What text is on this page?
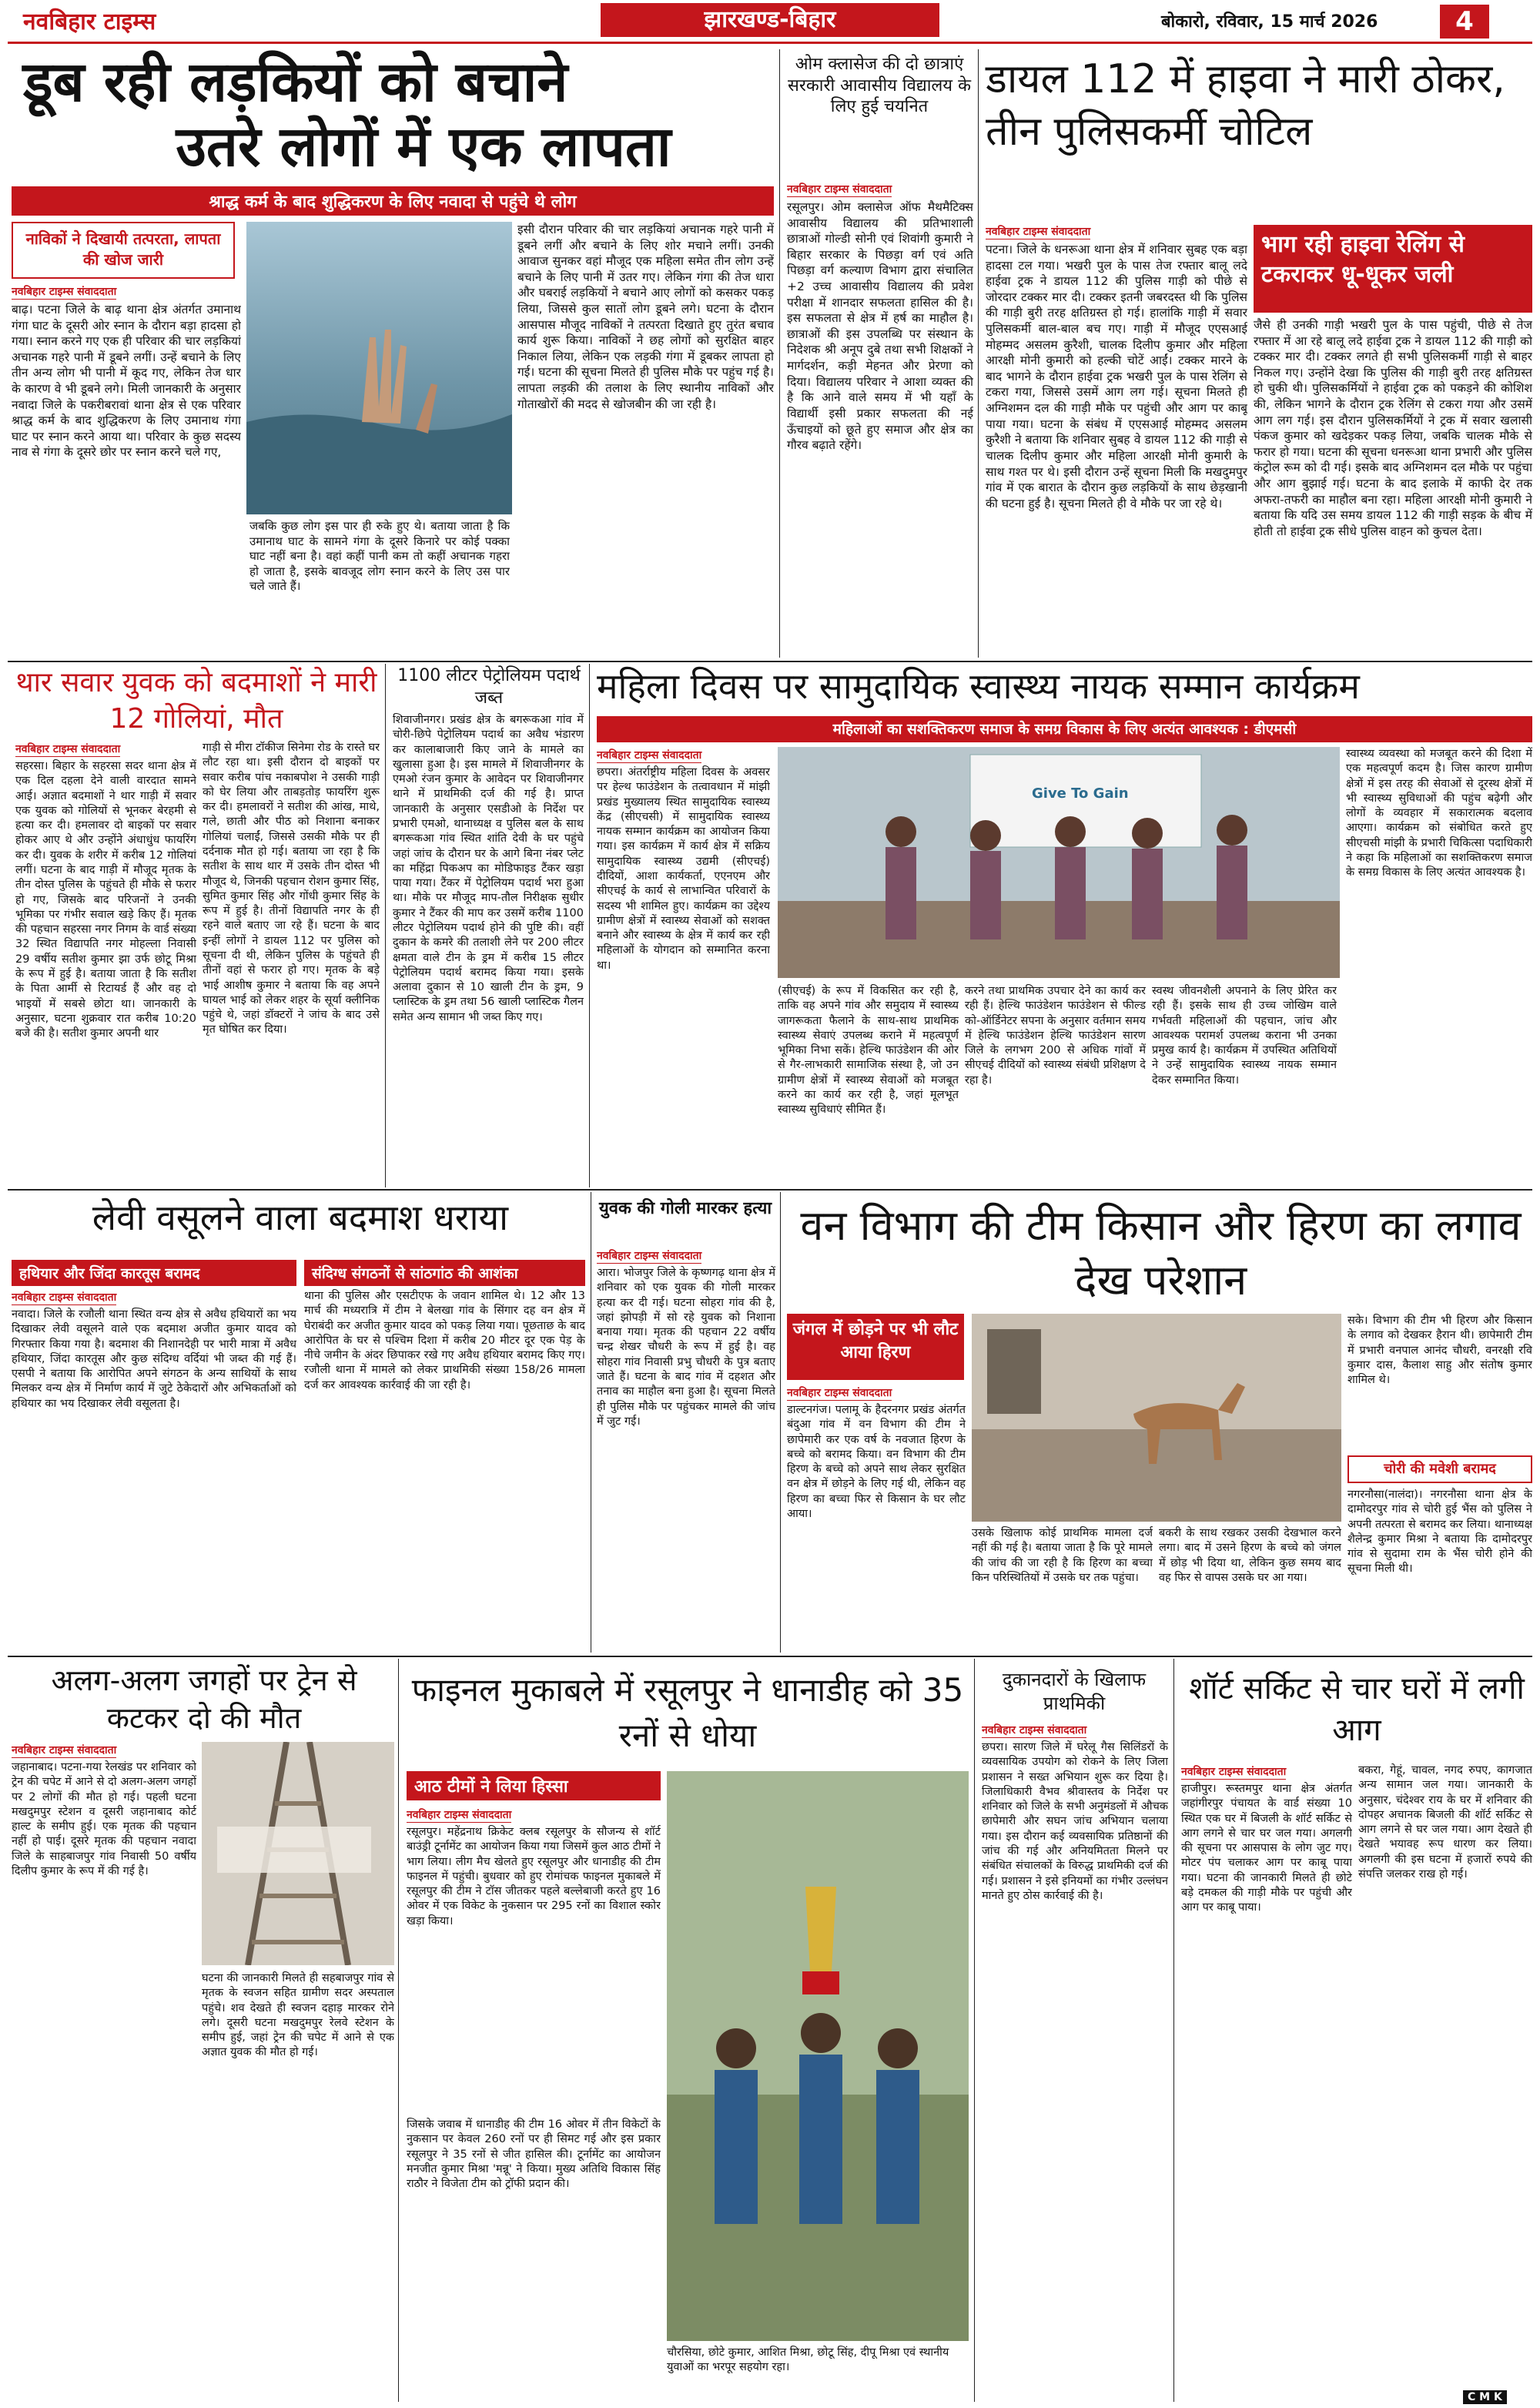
नवबिहार टाइम्स	झारखण्ड-बिहार	बोकारो, रविवार, 15 मार्च 2026	4
डूब रही लड़कियों को बचाने
उतरे लोगों में एक लापता
श्राद्ध कर्म के बाद शुद्धिकरण के लिए नवादा से पहुंचे थे लोग
नाविकों ने दिखायी तत्परता, लापता की खोज जारी
नवबिहार टाइम्स संवाददाता
बाढ़। पटना जिले के बाढ़ थाना क्षेत्र अंतर्गत उमानाथ गंगा घाट के दूसरी ओर स्नान के दौरान बड़ा हादसा हो गया। स्नान करने गए एक ही परिवार की चार लड़कियां अचानक गहरे पानी में डूबने लगीं। उन्हें बचाने के लिए तीन अन्य लोग भी पानी में कूद गए, लेकिन तेज धार के कारण वे भी डूबने लगे। मिली जानकारी के अनुसार नवादा जिले के पकरीबरावां थाना क्षेत्र से एक परिवार श्राद्ध कर्म के बाद शुद्धिकरण के लिए उमानाथ गंगा घाट पर स्नान करने आया था। परिवार के कुछ सदस्य नाव से गंगा के दूसरे छोर पर स्नान करने चले गए,
जबकि कुछ लोग इस पार ही रुके हुए थे। बताया जाता है कि उमानाथ घाट के सामने गंगा के दूसरे किनारे पर कोई पक्का घाट नहीं बना है। वहां कहीं पानी कम तो कहीं अचानक गहरा हो जाता है, इसके बावजूद लोग स्नान करने के लिए उस पार चले जाते हैं।
इसी दौरान परिवार की चार लड़कियां अचानक गहरे पानी में डूबने लगीं और बचाने के लिए शोर मचाने लगीं। उनकी आवाज सुनकर वहां मौजूद एक महिला समेत तीन लोग उन्हें बचाने के लिए पानी में उतर गए। लेकिन गंगा की तेज धारा और घबराई लड़कियों ने बचाने आए लोगों को कसकर पकड़ लिया, जिससे कुल सातों लोग डूबने लगे। घटना के दौरान आसपास मौजूद नाविकों ने तत्परता दिखाते हुए तुरंत बचाव कार्य शुरू किया। नाविकों ने छह लोगों को सुरक्षित बाहर निकाल लिया, लेकिन एक लड़की गंगा में डूबकर लापता हो गई। घटना की सूचना मिलते ही पुलिस मौके पर पहुंच गई है। लापता लड़की की तलाश के लिए स्थानीय नाविकों और गोताखोरों की मदद से खोजबीन की जा रही है।
ओम क्लासेज की दो छात्राएं सरकारी आवासीय विद्यालय के लिए हुई चयनित
नवबिहार टाइम्स संवाददाता
रसूलपुर। ओम क्लासेज ऑफ मैथमैटिक्स आवासीय विद्यालय की प्रतिभाशाली छात्राओं गोल्डी सोनी एवं शिवांगी कुमारी ने बिहार सरकार के पिछड़ा वर्ग एवं अति पिछड़ा वर्ग कल्याण विभाग द्वारा संचालित +2 उच्च आवासीय विद्यालय की प्रवेश परीक्षा में शानदार सफलता हासिल की है। इस सफलता से क्षेत्र में हर्ष का माहौल है। छात्राओं की इस उपलब्धि पर संस्थान के निदेशक श्री अनूप दुबे तथा सभी शिक्षकों ने मार्गदर्शन, कड़ी मेहनत और प्रेरणा को दिया। विद्यालय परिवार ने आशा व्यक्त की है कि आने वाले समय में भी यहाँ के विद्यार्थी इसी प्रकार सफलता की नई ऊँचाइयों को छूते हुए समाज और क्षेत्र का गौरव बढ़ाते रहेंगे।
डायल 112 में हाइवा ने मारी ठोकर, तीन पुलिसकर्मी चोटिल
नवबिहार टाइम्स संवाददाता
पटना। जिले के धनरूआ थाना क्षेत्र में शनिवार सुबह एक बड़ा हादसा टल गया। भखरी पुल के पास तेज रफ्तार बालू लदे हाईवा ट्रक ने डायल 112 की पुलिस गाड़ी को पीछे से जोरदार टक्कर मार दी। टक्कर इतनी जबरदस्त थी कि पुलिस की गाड़ी बुरी तरह क्षतिग्रस्त हो गई। हालांकि गाड़ी में सवार पुलिसकर्मी बाल-बाल बच गए। गाड़ी में मौजूद एएसआई मोहम्मद असलम कुरैशी, चालक दिलीप कुमार और महिला आरक्षी मोनी कुमारी को हल्की चोटें आईं। टक्कर मारने के बाद भागने के दौरान हाईवा ट्रक भखरी पुल के पास रेलिंग से टकरा गया, जिससे उसमें आग लग गई। सूचना मिलते ही अग्निशमन दल की गाड़ी मौके पर पहुंची और आग पर काबू पाया गया। घटना के संबंध में एएसआई मोहम्मद असलम कुरैशी ने बताया कि शनिवार सुबह वे डायल 112 की गाड़ी से चालक दिलीप कुमार और महिला आरक्षी मोनी कुमारी के साथ गश्त पर थे। इसी दौरान उन्हें सूचना मिली कि मखदुमपुर गांव में एक बारात के दौरान कुछ लड़कियों के साथ छेड़खानी की घटना हुई है। सूचना मिलते ही वे मौके पर जा रहे थे।
भाग रही हाइवा रेलिंग से टकराकर धू-धूकर जली
जैसे ही उनकी गाड़ी भखरी पुल के पास पहुंची, पीछे से तेज रफ्तार में आ रहे बालू लदे हाईवा ट्रक ने डायल 112 की गाड़ी को टक्कर मार दी। टक्कर लगते ही सभी पुलिसकर्मी गाड़ी से बाहर निकल गए। उन्होंने देखा कि पुलिस की गाड़ी बुरी तरह क्षतिग्रस्त हो चुकी थी। पुलिसकर्मियों ने हाईवा ट्रक को पकड़ने की कोशिश की, लेकिन भागने के दौरान ट्रक रेलिंग से टकरा गया और उसमें आग लग गई। इस दौरान पुलिसकर्मियों ने ट्रक में सवार खलासी पंकज कुमार को खदेड़कर पकड़ लिया, जबकि चालक मौके से फरार हो गया। घटना की सूचना धनरूआ थाना प्रभारी और पुलिस कंट्रोल रूम को दी गई। इसके बाद अग्निशमन दल मौके पर पहुंचा और आग बुझाई गई। घटना के बाद इलाके में काफी देर तक अफरा-तफरी का माहौल बना रहा। महिला आरक्षी मोनी कुमारी ने बताया कि यदि उस समय डायल 112 की गाड़ी सड़क के बीच में होती तो हाईवा ट्रक सीधे पुलिस वाहन को कुचल देता।
थार सवार युवक को बदमाशों ने मारी 12 गोलियां, मौत
नवबिहार टाइम्स संवाददाता
सहरसा। बिहार के सहरसा सदर थाना क्षेत्र में एक दिल दहला देने वाली वारदात सामने आई। अज्ञात बदमाशों ने थार गाड़ी में सवार एक युवक को गोलियों से भूनकर बेरहमी से हत्या कर दी। हमलावर दो बाइकों पर सवार होकर आए थे और उन्होंने अंधाधुंध फायरिंग कर दी। युवक के शरीर में करीब 12 गोलियां लगीं। घटना के बाद गाड़ी में मौजूद मृतक के तीन दोस्त पुलिस के पहुंचते ही मौके से फरार हो गए, जिसके बाद परिजनों ने उनकी भूमिका पर गंभीर सवाल खड़े किए हैं। मृतक की पहचान सहरसा नगर निगम के वार्ड संख्या 32 स्थित विद्यापति नगर मोहल्ला निवासी 29 वर्षीय सतीश कुमार झा उर्फ छोटू मिश्रा के रूप में हुई है। बताया जाता है कि सतीश के पिता आर्मी से रिटायर्ड हैं और वह दो भाइयों में सबसे छोटा था। जानकारी के अनुसार, घटना शुक्रवार रात करीब 10:20 बजे की है। सतीश कुमार अपनी थार
गाड़ी से मीरा टॉकीज सिनेमा रोड के रास्ते घर लौट रहा था। इसी दौरान दो बाइकों पर सवार करीब पांच नकाबपोश ने उसकी गाड़ी को घेर लिया और ताबड़तोड़ फायरिंग शुरू कर दी। हमलावरों ने सतीश की आंख, माथे, गले, छाती और पीठ को निशाना बनाकर गोलियां चलाईं, जिससे उसकी मौके पर ही दर्दनाक मौत हो गई। बताया जा रहा है कि सतीश के साथ थार में उसके तीन दोस्त भी मौजूद थे, जिनकी पहचान रोशन कुमार सिंह, सुमित कुमार सिंह और गोंधी कुमार सिंह के रूप में हुई है। तीनों विद्यापति नगर के ही रहने वाले बताए जा रहे हैं। घटना के बाद इन्हीं लोगों ने डायल 112 पर पुलिस को सूचना दी थी, लेकिन पुलिस के पहुंचते ही तीनों वहां से फरार हो गए। मृतक के बड़े भाई आशीष कुमार ने बताया कि वह अपने घायल भाई को लेकर शहर के सूर्या क्लीनिक पहुंचे थे, जहां डॉक्टरों ने जांच के बाद उसे मृत घोषित कर दिया।
1100 लीटर पेट्रोलियम पदार्थ जब्त
शिवाजीनगर। प्रखंड क्षेत्र के बगरूकआ गांव में चोरी-छिपे पेट्रोलियम पदार्थ का अवैध भंडारण कर कालाबाजारी किए जाने के मामले का खुलासा हुआ है। इस मामले में शिवाजीनगर के एमओ रंजन कुमार के आवेदन पर शिवाजीनगर थाने में प्राथमिकी दर्ज की गई है। प्राप्त जानकारी के अनुसार एसडीओ के निर्देश पर प्रभारी एमओ, थानाध्यक्ष व पुलिस बल के साथ बगरूकआ गांव स्थित शांति देवी के घर पहुंचे जहां जांच के दौरान घर के आगे बिना नंबर प्लेट का महिंद्रा पिकअप का मोडिफाइड टैंकर खड़ा पाया गया। टैंकर में पेट्रोलियम पदार्थ भरा हुआ था। मौके पर मौजूद माप-तौल निरीक्षक सुधीर कुमार ने टैंकर की माप कर उसमें करीब 1100 लीटर पेट्रोलियम पदार्थ होने की पुष्टि की। वहीं दुकान के कमरे की तलाशी लेने पर 200 लीटर क्षमता वाले टीन के ड्रम में करीब 15 लीटर पेट्रोलियम पदार्थ बरामद किया गया। इसके अलावा दुकान से 10 खाली टीन के ड्रम, 9 प्लास्टिक के ड्रम तथा 56 खाली प्लास्टिक गैलन समेत अन्य सामान भी जब्त किए गए।
महिला दिवस पर सामुदायिक स्वास्थ्य नायक सम्मान कार्यक्रम
महिलाओं का सशक्तिकरण समाज के समग्र विकास के लिए अत्यंत आवश्यक : डीएमसी
नवबिहार टाइम्स संवाददाता
छपरा। अंतर्राष्ट्रीय महिला दिवस के अवसर पर हेल्थ फाउंडेशन के तत्वावधान में मांझी प्रखंड मुख्यालय स्थित सामुदायिक स्वास्थ्य केंद्र (सीएचसी) में सामुदायिक स्वास्थ्य नायक सम्मान कार्यक्रम का आयोजन किया गया। इस कार्यक्रम में कार्य क्षेत्र में सक्रिय सामुदायिक स्वास्थ्य उद्यमी (सीएचई) दीदियों, आशा कार्यकर्ता, एएनएम और सीएचई के कार्य से लाभान्वित परिवारों के सदस्य भी शामिल हुए। कार्यक्रम का उद्देश्य ग्रामीण क्षेत्रों में स्वास्थ्य सेवाओं को सशक्त बनाने और स्वास्थ्य के क्षेत्र में कार्य कर रही महिलाओं के योगदान को सम्मानित करना था।
Give To Gain
(सीएचई) के रूप में विकसित कर रही है, ताकि वह अपने गांव और समुदाय में स्वास्थ्य जागरूकता फैलाने के साथ-साथ प्राथमिक स्वास्थ्य सेवाएं उपलब्ध कराने में महत्वपूर्ण भूमिका निभा सकें। हेल्थि फाउंडेशन की ओर से गैर-लाभकारी सामाजिक संस्था है, जो उन ग्रामीण क्षेत्रों में स्वास्थ्य सेवाओं को मजबूत करने का कार्य कर रही है, जहां मूलभूत स्वास्थ्य सुविधाएं सीमित हैं।
करने तथा प्राथमिक उपचार देने का कार्य कर रही हैं। हेल्थि फाउंडेशन फाउंडेशन से फील्ड को-ऑर्डिनेटर सपना के अनुसार वर्तमान समय में हेल्थि फाउंडेशन हेल्थि फाउंडेशन सारण जिले के लगभग 200 से अधिक गांवों में सीएचई दीदियों को स्वास्थ्य संबंधी प्रशिक्षण दे रहा है।
स्वस्थ जीवनशैली अपनाने के लिए प्रेरित कर रही हैं। इसके साथ ही उच्च जोखिम वाले गर्भवती महिलाओं की पहचान, जांच और आवश्यक परामर्श उपलब्ध कराना भी उनका प्रमुख कार्य है। कार्यक्रम में उपस्थित अतिथियों ने उन्हें सामुदायिक स्वास्थ्य नायक सम्मान देकर सम्मानित किया।
स्वास्थ्य व्यवस्था को मजबूत करने की दिशा में एक महत्वपूर्ण कदम है। जिस कारण ग्रामीण क्षेत्रों में इस तरह की सेवाओं से दूरस्थ क्षेत्रों में भी स्वास्थ्य सुविधाओं की पहुंच बढ़ेगी और लोगों के व्यवहार में सकारात्मक बदलाव आएगा। कार्यक्रम को संबोधित करते हुए सीएचसी मांझी के प्रभारी चिकित्सा पदाधिकारी ने कहा कि महिलाओं का सशक्तिकरण समाज के समग्र विकास के लिए अत्यंत आवश्यक है।
लेवी वसूलने वाला बदमाश धराया
हथियार और जिंदा कारतूस बरामद	संदिग्ध संगठनों से सांठगांठ की आशंका
नवबिहार टाइम्स संवाददाता
नवादा। जिले के रजौली थाना स्थित वन्य क्षेत्र से अवैध हथियारों का भय दिखाकर लेवी वसूलने वाले एक बदमाश अजीत कुमार यादव को गिरफ्तार किया गया है। बदमाश की निशानदेही पर भारी मात्रा में अवैध हथियार, जिंदा कारतूस और कुछ संदिग्ध वर्दियां भी जब्त की गई हैं। एसपी ने बताया कि आरोपित अपने संगठन के अन्य साथियों के साथ मिलकर वन्य क्षेत्र में निर्माण कार्य में जुटे ठेकेदारों और अभिकर्ताओं को हथियार का भय दिखाकर लेवी वसूलता है।
थाना की पुलिस और एसटीएफ के जवान शामिल थे। 12 और 13 मार्च की मध्यरात्रि में टीम ने बेलखा गांव के सिंगार दह वन क्षेत्र में घेराबंदी कर अजीत कुमार यादव को पकड़ लिया गया। पूछताछ के बाद आरोपित के घर से पश्चिम दिशा में करीब 20 मीटर दूर एक पेड़ के नीचे जमीन के अंदर छिपाकर रखे गए अवैध हथियार बरामद किए गए। रजौली थाना में मामले को लेकर प्राथमिकी संख्या 158/26 मामला दर्ज कर आवश्यक कार्रवाई की जा रही है।
युवक की गोली मारकर हत्या
नवबिहार टाइम्स संवाददाता
आरा। भोजपुर जिले के कृष्णगढ़ थाना क्षेत्र में शनिवार को एक युवक की गोली मारकर हत्या कर दी गई। घटना सोहरा गांव की है, जहां झोपड़ी में सो रहे युवक को निशाना बनाया गया। मृतक की पहचान 22 वर्षीय चन्द्र शेखर चौधरी के रूप में हुई है। वह सोहरा गांव निवासी प्रभु चौधरी के पुत्र बताए जाते हैं। घटना के बाद गांव में दहशत और तनाव का माहौल बना हुआ है। सूचना मिलते ही पुलिस मौके पर पहुंचकर मामले की जांच में जुट गई।
वन विभाग की टीम किसान और हिरण का लगाव देख परेशान
जंगल में छोड़ने पर भी लौट आया हिरण
नवबिहार टाइम्स संवाददाता
डाल्टनगंज। पलामू के हैदरनगर प्रखंड अंतर्गत बंदुआ गांव में वन विभाग की टीम ने छापेमारी कर एक वर्ष के नवजात हिरण के बच्चे को बरामद किया। वन विभाग की टीम हिरण के बच्चे को अपने साथ लेकर सुरक्षित वन क्षेत्र में छोड़ने के लिए गई थी, लेकिन वह हिरण का बच्चा फिर से किसान के घर लौट आया।
उसके खिलाफ कोई प्राथमिक मामला दर्ज नहीं की गई है। बताया जाता है कि पूरे मामले की जांच की जा रही है कि हिरण का बच्चा किन परिस्थितियों में उसके घर तक पहुंचा।
बकरी के साथ रखकर उसकी देखभाल करने लगा। बाद में उसने हिरण के बच्चे को जंगल में छोड़ भी दिया था, लेकिन कुछ समय बाद वह फिर से वापस उसके घर आ गया।
सके। विभाग की टीम भी हिरण और किसान के लगाव को देखकर हैरान थी। छापेमारी टीम में प्रभारी वनपाल आनंद चौधरी, वनरक्षी रवि कुमार दास, कैलाश साहु और संतोष कुमार शामिल थे।
चोरी की मवेशी बरामद
नगरनौसा(नालंदा)। नगरनौसा थाना क्षेत्र के दामोदरपुर गांव से चोरी हुई भैंस को पुलिस ने अपनी तत्परता से बरामद कर लिया। थानाध्यक्ष शैलेन्द्र कुमार मिश्रा ने बताया कि दामोदरपुर गांव से सुदामा राम के भैंस चोरी होने की सूचना मिली थी।
अलग-अलग जगहों पर ट्रेन से कटकर दो की मौत
नवबिहार टाइम्स संवाददाता
जहानाबाद। पटना-गया रेलखंड पर शनिवार को ट्रेन की चपेट में आने से दो अलग-अलग जगहों पर 2 लोगों की मौत हो गई। पहली घटना मखदुमपुर स्टेशन व दूसरी जहानाबाद कोर्ट हाल्ट के समीप हुई। एक मृतक की पहचान नहीं हो पाई। दूसरे मृतक की पहचान नवादा जिले के साहबाजपुर गांव निवासी 50 वर्षीय दिलीप कुमार के रूप में की गई है।
घटना की जानकारी मिलते ही सहबाजपुर गांव से मृतक के स्वजन सहित ग्रामीण सदर अस्पताल पहुंचे। शव देखते ही स्वजन दहाड़ मारकर रोने लगे। दूसरी घटना मखदुमपुर रेलवे स्टेशन के समीप हुई, जहां ट्रेन की चपेट में आने से एक अज्ञात युवक की मौत हो गई।
फाइनल मुकाबले में रसूलपुर ने धानाडीह को 35 रनों से धोया
आठ टीमों ने लिया हिस्सा
नवबिहार टाइम्स संवाददाता
रसूलपुर। महेंद्रनाथ क्रिकेट क्लब रसूलपुर के सौजन्य से शॉर्ट बाउंड्री टूर्नामेंट का आयोजन किया गया जिसमें कुल आठ टीमों ने भाग लिया। लीग मैच खेलते हुए रसूलपुर और धानाडीह की टीम फाइनल में पहुंची। बुधवार को हुए रोमांचक फाइनल मुकाबले में रसूलपुर की टीम ने टॉस जीतकर पहले बल्लेबाजी करते हुए 16 ओवर में एक विकेट के नुकसान पर 295 रनों का विशाल स्कोर खड़ा किया।
जिसके जवाब में धानाडीह की टीम 16 ओवर में तीन विकेटों के नुकसान पर केवल 260 रनों पर ही सिमट गई और इस प्रकार रसूलपुर ने 35 रनों से जीत हासिल की। टूर्नामेंट का आयोजन मनजीत कुमार मिश्रा 'मन्नू' ने किया। मुख्य अतिथि विकास सिंह राठौर ने विजेता टीम को ट्रॉफी प्रदान की।
चौरसिया, छोटे कुमार, आशित मिश्रा, छोटू सिंह, दीपू मिश्रा एवं स्थानीय युवाओं का भरपूर सहयोग रहा।
दुकानदारों के खिलाफ प्राथमिकी
नवबिहार टाइम्स संवाददाता
छपरा। सारण जिले में घरेलू गैस सिलिंडरों के व्यवसायिक उपयोग को रोकने के लिए जिला प्रशासन ने सख्त अभियान शुरू कर दिया है। जिलाधिकारी वैभव श्रीवास्तव के निर्देश पर शनिवार को जिले के सभी अनुमंडलों में औचक छापेमारी और सघन जांच अभियान चलाया गया। इस दौरान कई व्यवसायिक प्रतिष्ठानों की जांच की गई और अनियमितता मिलने पर संबंधित संचालकों के विरुद्ध प्राथमिकी दर्ज की गई। प्रशासन ने इसे इनियमों का गंभीर उल्लंघन मानते हुए ठोस कार्रवाई की है।
शॉर्ट सर्किट से चार घरों में लगी आग
नवबिहार टाइम्स संवाददाता
हाजीपुर। रूस्तमपुर थाना क्षेत्र अंतर्गत जहांगीरपुर पंचायत के वार्ड संख्या 10 स्थित एक घर में बिजली के शॉर्ट सर्किट से आग लगने से चार घर जल गया। अगलगी की सूचना पर आसपास के लोग जुट गए। मोटर पंप चलाकर आग पर काबू पाया गया। घटना की जानकारी मिलते ही छोटे बड़े दमकल की गाड़ी मौके पर पहुंची और आग पर काबू पाया।
बकरा, गेहूं, चावल, नगद रुपए, कागजात अन्य सामान जल गया। जानकारी के अनुसार, चंदेश्वर राय के घर में शनिवार की दोपहर अचानक बिजली की शॉर्ट सर्किट से आग लगने से घर जल गया। आग देखते ही देखते भयावह रूप धारण कर लिया। अगलगी की इस घटना में हजारों रुपये की संपत्ति जलकर राख हो गई।
C M K
